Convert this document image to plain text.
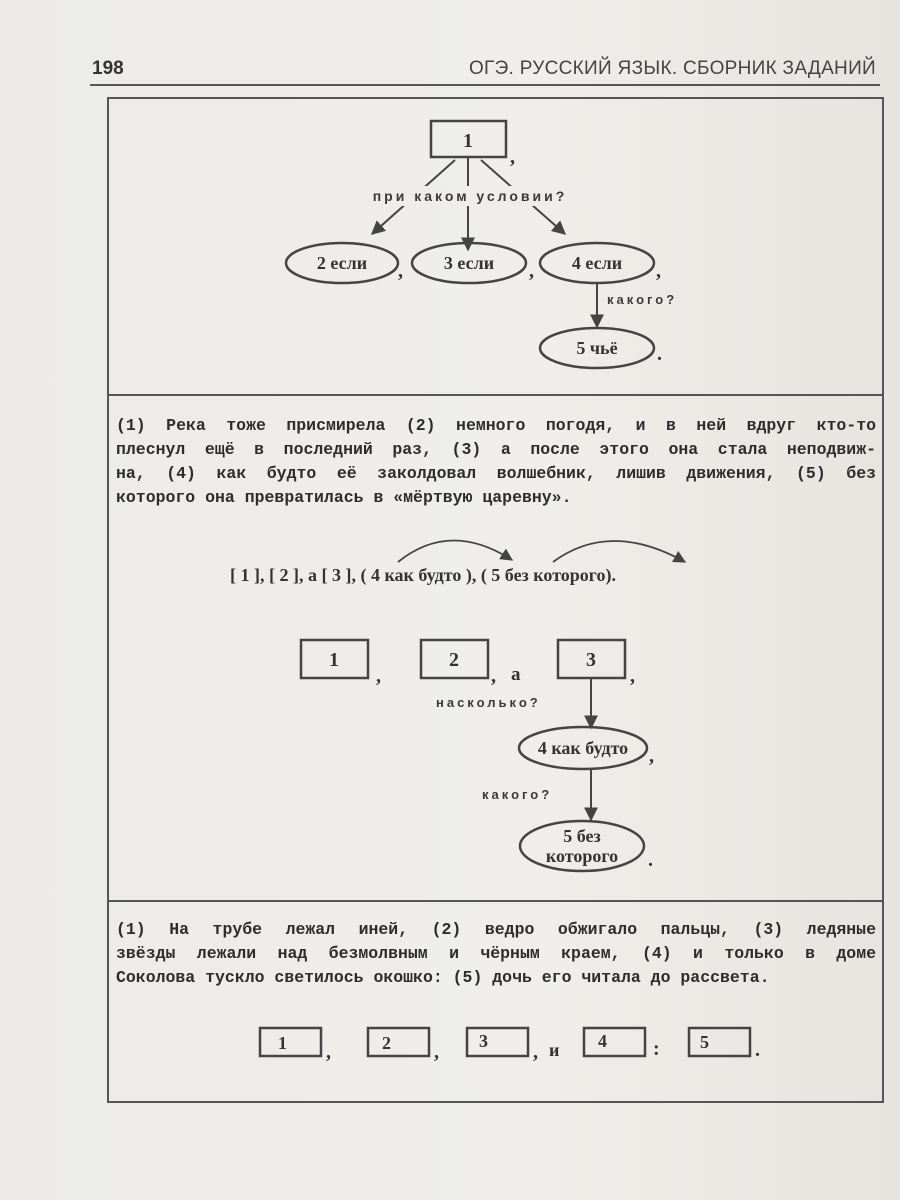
198	ОГЭ. РУССКИЙ ЯЗЫК. СБОРНИК ЗАДАНИЙ
1
,
при каком условии?
2 если , 3 если , 4 если ,
какого?
5 чьё .
(1) Река тоже присмирела (2) немного погодя, и в ней вдруг кто-то
плеснул ещё в последний раз, (3) а после этого она стала неподвиж-
на, (4) как будто её заколдовал волшебник, лишив движения, (5) без
которого она превратилась в «мёртвую царевну».
[ 1 ], [ 2 ], а [ 3 ], ( 4 как будто ), ( 5 без которого).
1
,
2
, а
3
,
насколько?
4 как будто ,
какого?
5 без
которого .
(1) На трубе лежал иней, (2) ведро обжигало пальцы, (3) ледяные
звёзды лежали над безмолвным и чёрным краем, (4) и только в доме
Соколова тускло светилось окошко: (5) дочь его читала до рассвета.
1 ,	2 , 3 , и 4 : 5 .
